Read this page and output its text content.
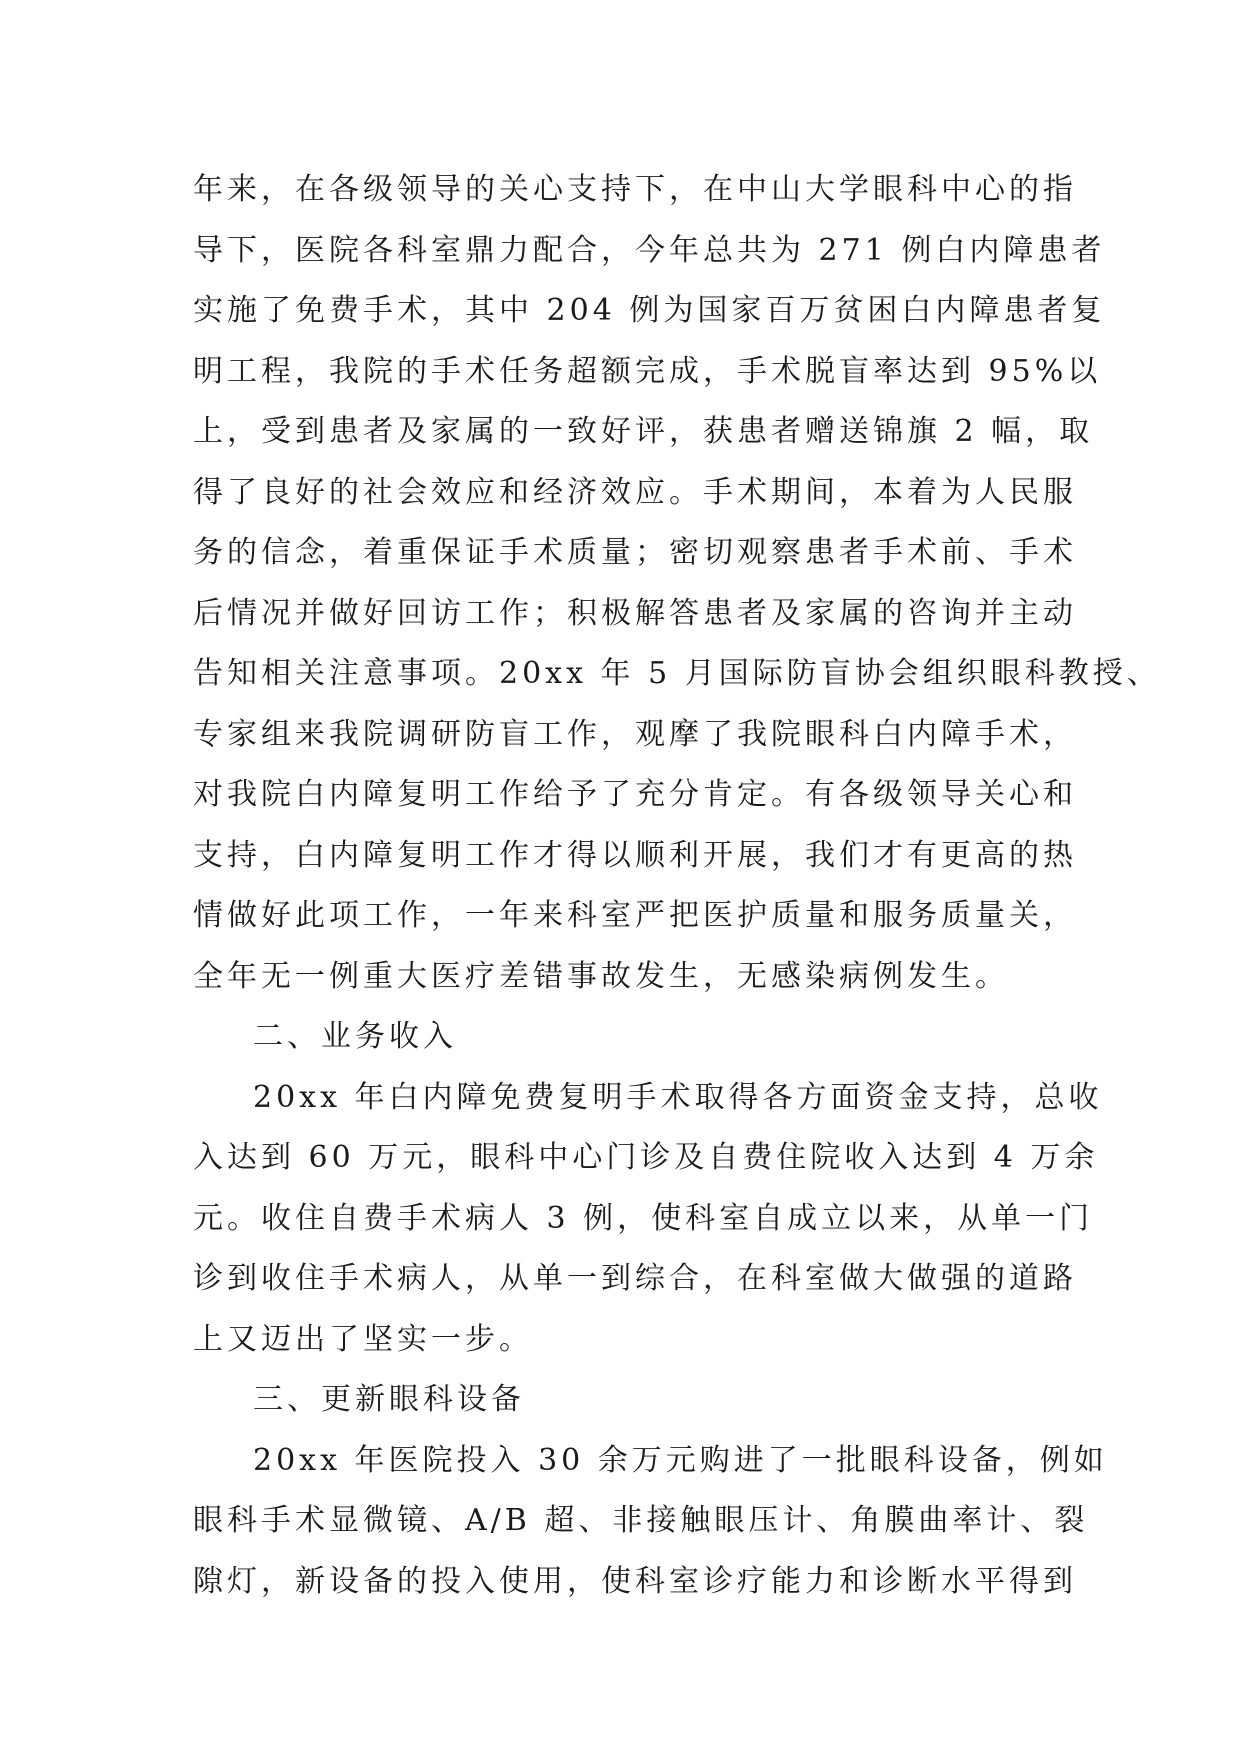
年来，在各级领导的关心支持下，在中山大学眼科中心的指
导下，医院各科室鼎力配合，今年总共为 271 例白内障患者
实施了免费手术，其中 204 例为国家百万贫困白内障患者复
明工程，我院的手术任务超额完成，手术脱盲率达到 95%以
上，受到患者及家属的一致好评，获患者赠送锦旗 2 幅，取
得了良好的社会效应和经济效应。手术期间，本着为人民服
务的信念，着重保证手术质量；密切观察患者手术前、手术
后情况并做好回访工作；积极解答患者及家属的咨询并主动
告知相关注意事项。20xx 年 5 月国际防盲协会组织眼科教授、
专家组来我院调研防盲工作，观摩了我院眼科白内障手术，
对我院白内障复明工作给予了充分肯定。有各级领导关心和
支持，白内障复明工作才得以顺利开展，我们才有更高的热
情做好此项工作，一年来科室严把医护质量和服务质量关，
全年无一例重大医疗差错事故发生，无感染病例发生。
二、业务收入
20xx 年白内障免费复明手术取得各方面资金支持，总收
入达到 60 万元，眼科中心门诊及自费住院收入达到 4 万余
元。收住自费手术病人 3 例，使科室自成立以来，从单一门
诊到收住手术病人，从单一到综合，在科室做大做强的道路
上又迈出了坚实一步。
三、更新眼科设备
20xx 年医院投入 30 余万元购进了一批眼科设备，例如
眼科手术显微镜、A/B 超、非接触眼压计、角膜曲率计、裂
隙灯，新设备的投入使用，使科室诊疗能力和诊断水平得到
